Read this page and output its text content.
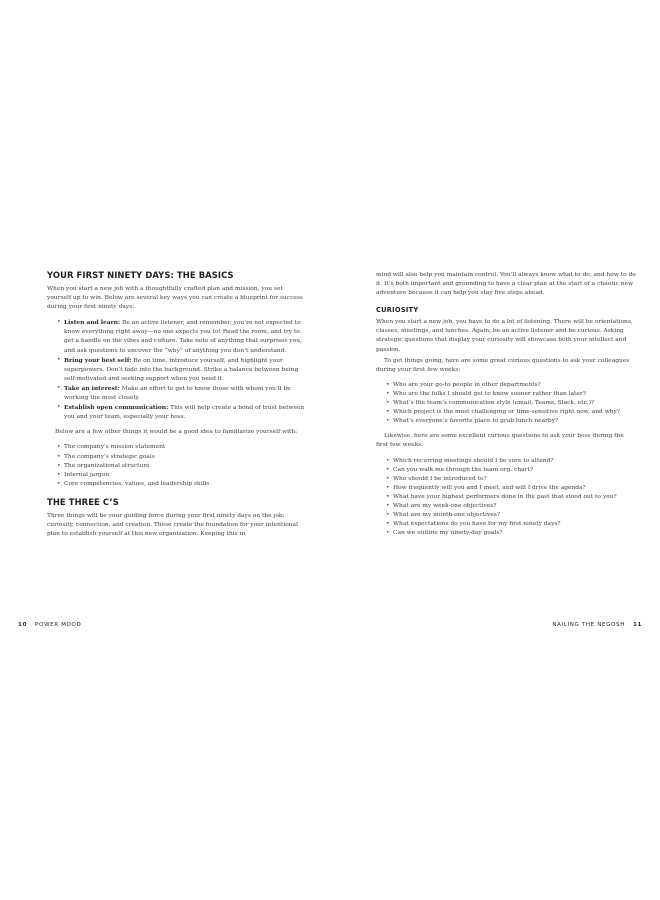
YOUR FIRST NINETY DAYS: THE BASICS

When you start a new job with a thoughtfully crafted plan and mission, you set yourself up to win. Below are several key ways you can create a blueprint for success during your first ninety days:

• Listen and learn: Be an active listener, and remember, you’re not expected to know everything right away—no one expects you to! Read the room, and try to get a handle on the vibes and culture. Take note of anything that surprises you, and ask questions to uncover the “why” of anything you don’t understand.
• Bring your best self: Be on time, introduce yourself, and highlight your superpowers. Don’t fade into the background. Strike a balance between being self-motivated and seeking support when you need it.
• Take an interest: Make an effort to get to know those with whom you’ll be working the most closely.
• Establish open communication: This will help create a bond of trust between you and your team, especially your boss.

Below are a few other things it would be a good idea to familiarize yourself with:

• The company’s mission statement
• The company’s strategic goals
• The organizational structure
• Internal jargon
• Core competencies, values, and leadership skills
THE THREE C’S

Three things will be your guiding force during your first ninety days on the job: curiosity, connection, and creation. These create the foundation for your intentional plan to establish yourself at this new organization. Keeping this in

mind will also help you maintain control. You’ll always know what to do, and how to do it. It’s both important and grounding to have a clear plan at the start of a chaotic new adventure because it can help you stay five steps ahead.

CURIOSITY

When you start a new job, you have to do a lot of listening. There will be orientations, classes, meetings, and lunches. Again, be an active listener and be curious. Asking strategic questions that display your curiosity will showcase both your intellect and passion.

To get things going, here are some great curious questions to ask your colleagues during your first few weeks:

• Who are your go-to people in other departments?
• Who are the folks I should get to know sooner rather than later?
• What’s the team’s communication style (email, Teams, Slack, etc.)?
• Which project is the most challenging or time-sensitive right now, and why?
• What’s everyone’s favorite place to grab lunch nearby?

Likewise, here are some excellent curious questions to ask your boss during the first few weeks:

• Which recurring meetings should I be sure to attend?
• Can you walk me through the team org. chart?
• Who should I be introduced to?
• How frequently will you and I meet, and will I drive the agenda?
• What have your highest performers done in the past that stood out to you?
• What are my week-one objectives?
• What are my month-one objectives?
• What expectations do you have for my first ninety days?
• Can we outline my ninety-day goals?
10 POWER MOOD	NAILING THE NEGOSH 11
